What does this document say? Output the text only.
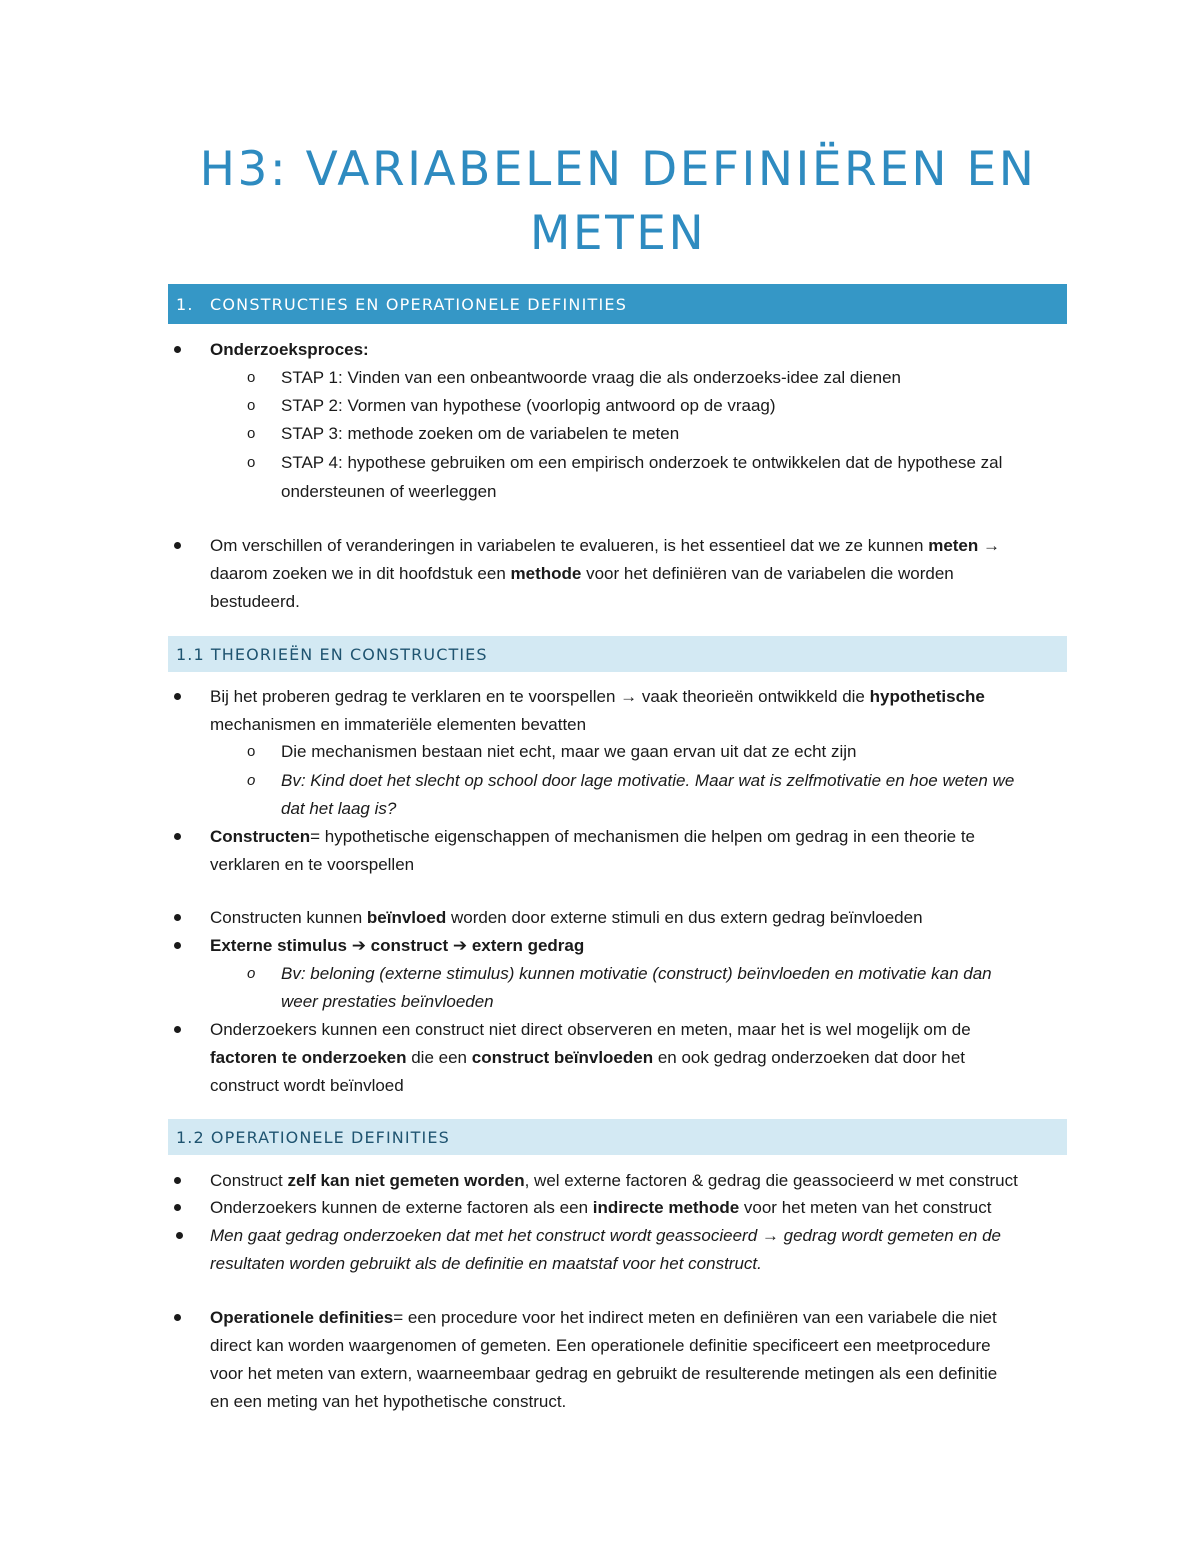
H3: VARIABELEN DEFINIËREN EN
METEN
1. CONSTRUCTIES EN OPERATIONELE DEFINITIES
Onderzoeksproces:
o STAP 1: Vinden van een onbeantwoorde vraag die als onderzoeks-idee zal dienen
o STAP 2: Vormen van hypothese (voorlopig antwoord op de vraag)
o STAP 3: methode zoeken om de variabelen te meten
o STAP 4: hypothese gebruiken om een empirisch onderzoek te ontwikkelen dat de hypothese zal
ondersteunen of weerleggen
Om verschillen of veranderingen in variabelen te evalueren, is het essentieel dat we ze kunnen meten →
daarom zoeken we in dit hoofdstuk een methode voor het definiëren van de variabelen die worden
bestudeerd.
1.1 THEORIEËN EN CONSTRUCTIES
Bij het proberen gedrag te verklaren en te voorspellen → vaak theorieën ontwikkeld die hypothetische
mechanismen en immateriële elementen bevatten
o Die mechanismen bestaan niet echt, maar we gaan ervan uit dat ze echt zijn
o Bv: Kind doet het slecht op school door lage motivatie. Maar wat is zelfmotivatie en hoe weten we
dat het laag is?
Constructen= hypothetische eigenschappen of mechanismen die helpen om gedrag in een theorie te
verklaren en te voorspellen
Constructen kunnen beïnvloed worden door externe stimuli en dus extern gedrag beïnvloeden
Externe stimulus ➔ construct ➔ extern gedrag
o Bv: beloning (externe stimulus) kunnen motivatie (construct) beïnvloeden en motivatie kan dan
weer prestaties beïnvloeden
Onderzoekers kunnen een construct niet direct observeren en meten, maar het is wel mogelijk om de
factoren te onderzoeken die een construct beïnvloeden en ook gedrag onderzoeken dat door het
construct wordt beïnvloed
1.2 OPERATIONELE DEFINITIES
Construct zelf kan niet gemeten worden, wel externe factoren & gedrag die geassocieerd w met construct
Onderzoekers kunnen de externe factoren als een indirecte methode voor het meten van het construct
Men gaat gedrag onderzoeken dat met het construct wordt geassocieerd → gedrag wordt gemeten en de
resultaten worden gebruikt als de definitie en maatstaf voor het construct.
Operationele definities= een procedure voor het indirect meten en definiëren van een variabele die niet
direct kan worden waargenomen of gemeten. Een operationele definitie specificeert een meetprocedure
voor het meten van extern, waarneembaar gedrag en gebruikt de resulterende metingen als een definitie
en een meting van het hypothetische construct.
